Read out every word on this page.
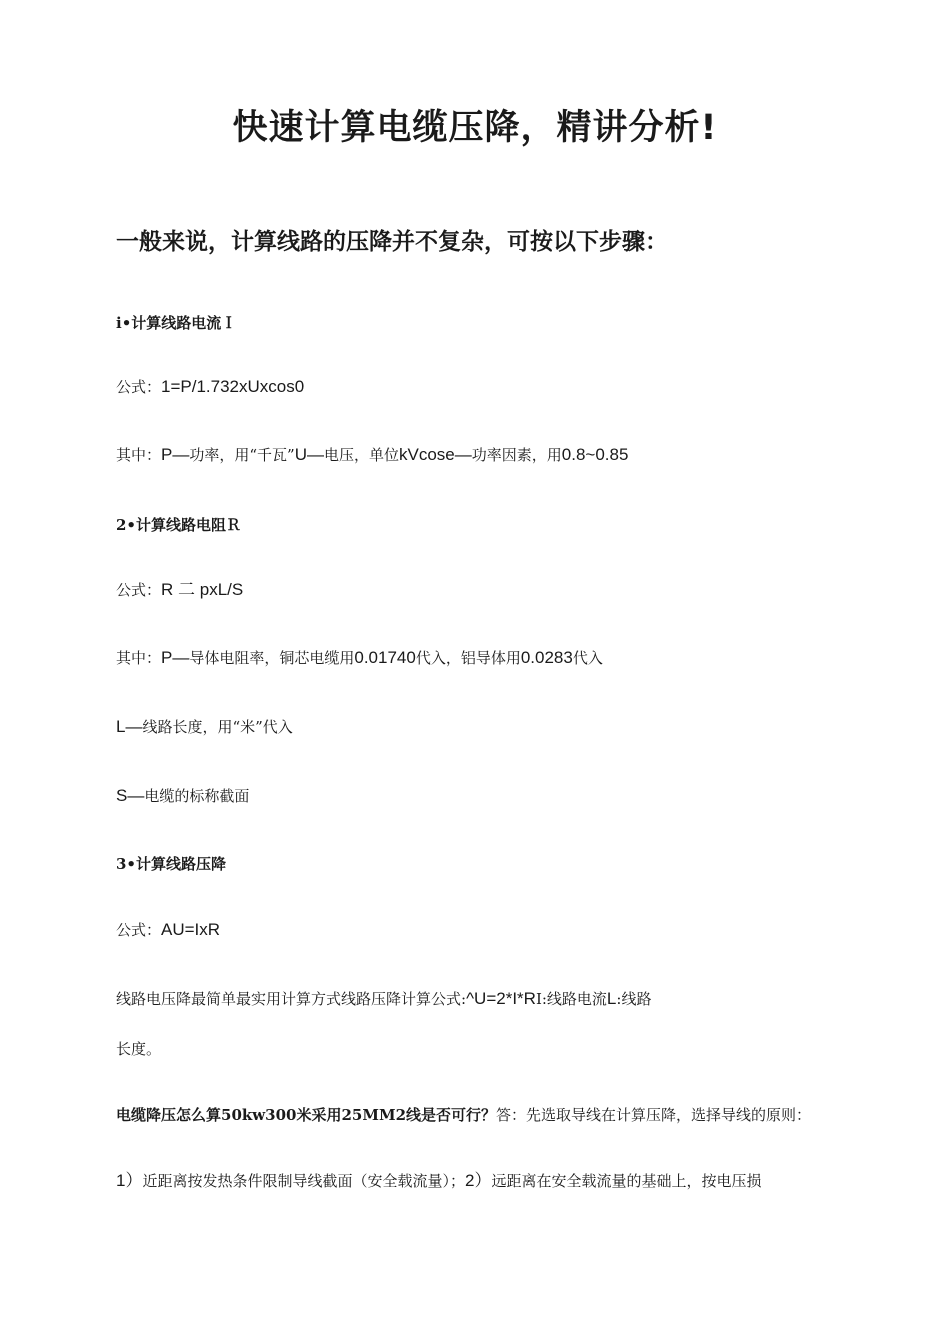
快速计算电缆压降，精讲分析!
一般来说，计算线路的压降并不复杂，可按以下步骤：
i•计算线路电流Ｉ
公式：1=P/1.732xUxcos0
其中：P—功率，用“千瓦”U—电压，单位kVcose—功率因素，用0.8~0.85
2•计算线路电阻Ｒ
公式：R 二 pxL/S
其中：P—导体电阻率，铜芯电缆用0.01740代入，铝导体用0.0283代入
L—线路长度，用“米”代入
S—电缆的标称截面
3•计算线路压降
公式：AU=IxR
线路电压降最简单最实用计算方式线路压降计算公式:^U=2*I*RI:线路电流L:线路
长度。
电缆降压怎么算50kw300米采用25MM2线是否可行？答：先选取导线在计算压降，选择导线的原则：
1）近距离按发热条件限制导线截面（安全载流量）；2）远距离在安全载流量的基础上，按电压损
